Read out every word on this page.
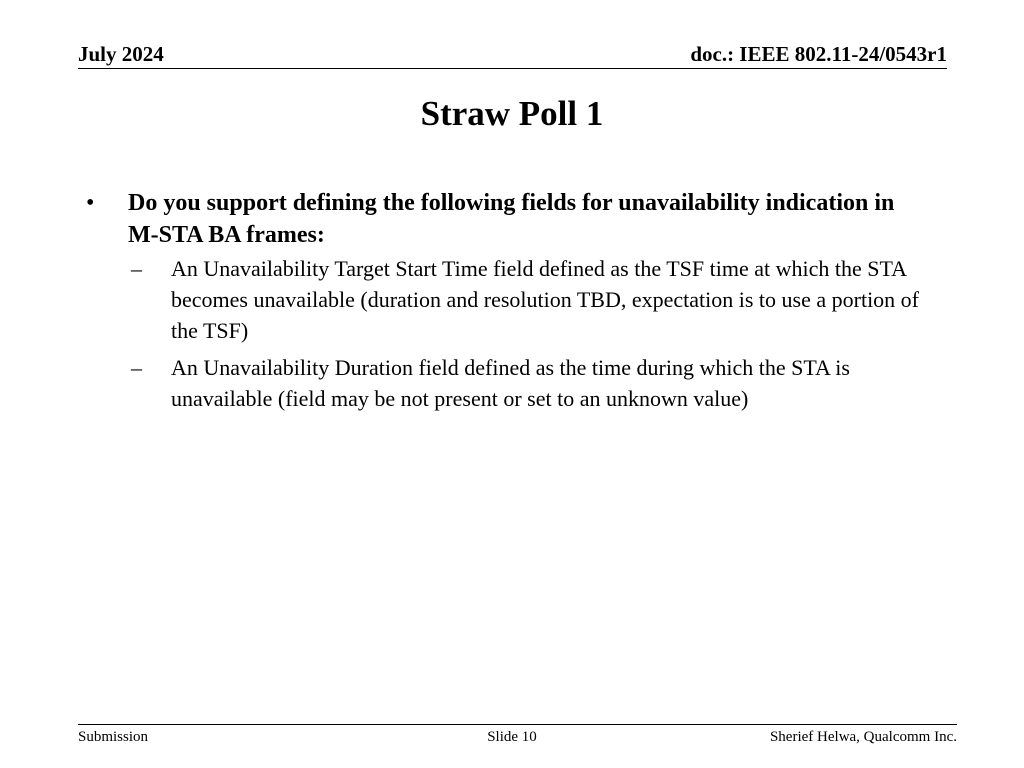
July 2024	doc.: IEEE 802.11-24/0543r1
Straw Poll 1
•	Do you support defining the following fields for unavailability indication in M-STA BA frames:
–	An Unavailability Target Start Time field defined as the TSF time at which the STA becomes unavailable (duration and resolution TBD, expectation is to use a portion of the TSF)
–	An Unavailability Duration field defined as the time during which the STA is unavailable (field may be not present or set to an unknown value)
Submission	Slide 10	Sherief Helwa, Qualcomm Inc.
